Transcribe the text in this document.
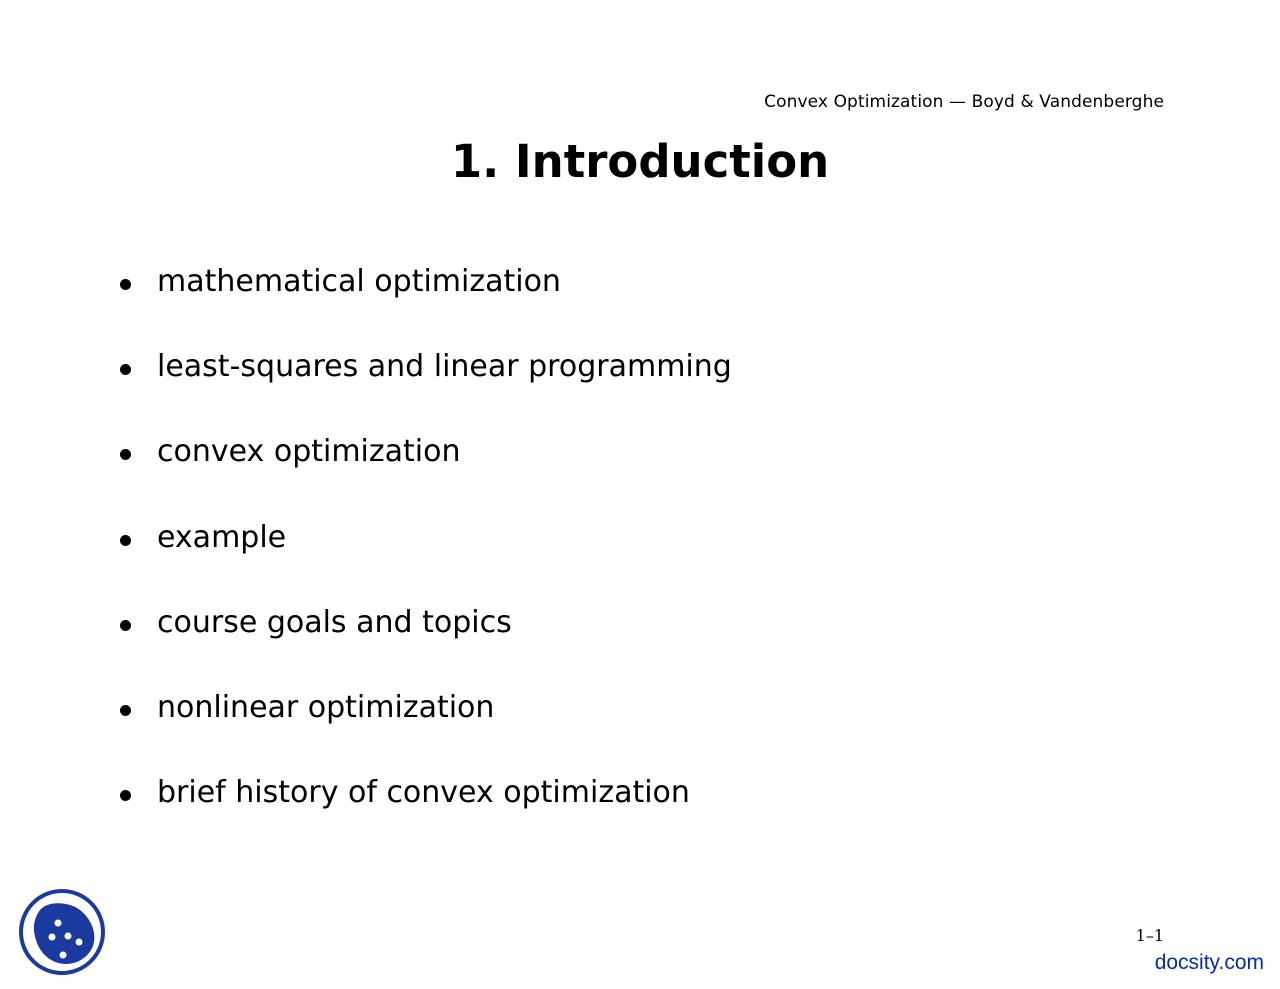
Convex Optimization — Boyd & Vandenberghe
1. Introduction
mathematical optimization
least-squares and linear programming
convex optimization
example
course goals and topics
nonlinear optimization
brief history of convex optimization
1–1
docsity.com
